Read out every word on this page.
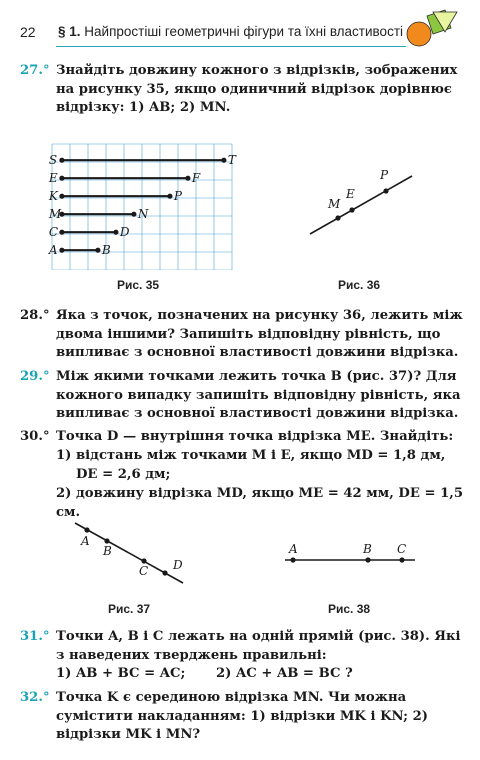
22 § 1. Найпростіші геометричні фігури та їхні властивості
27.° Знайдіть довжину кожного з відрізків, зображених на рисунку 35, якщо одиничний відрізок дорівнює відрізку: 1) AB; 2) MN.
S	T
E	F
K	P
M	N
C	D
A	B
Рис. 35
M
E
P
Рис. 36
28.° Яка з точок, позначених на рисунку 36, лежить між двома іншими? Запишіть відповідну рівність, що випливає з основної властивості довжини відрізка.
29.° Між якими точками лежить точка B (рис. 37)? Для кожного випадку запишіть відповідну рівність, яка випливає з основної властивості довжини відрізка.
30.° Точка D — внутрішня точка відрізка ME. Знайдіть:
1) відстань між точками M і E, якщо MD = 1,8 дм,
DE = 2,6 дм;
2) довжину відрізка MD, якщо ME = 42 мм, DE = 1,5 см.
A
B
C D
Рис. 37
A	B C
Рис. 38
31.° Точки A, B і C лежать на одній прямій (рис. 38). Які з наведених тверджень правильні:
1) AB + BC = AC; 2) AC + AB = BC ?
32.° Точка K є серединою відрізка MN. Чи можна сумістити накладанням: 1) відрізки MK і KN; 2) відрізки MK і MN?
